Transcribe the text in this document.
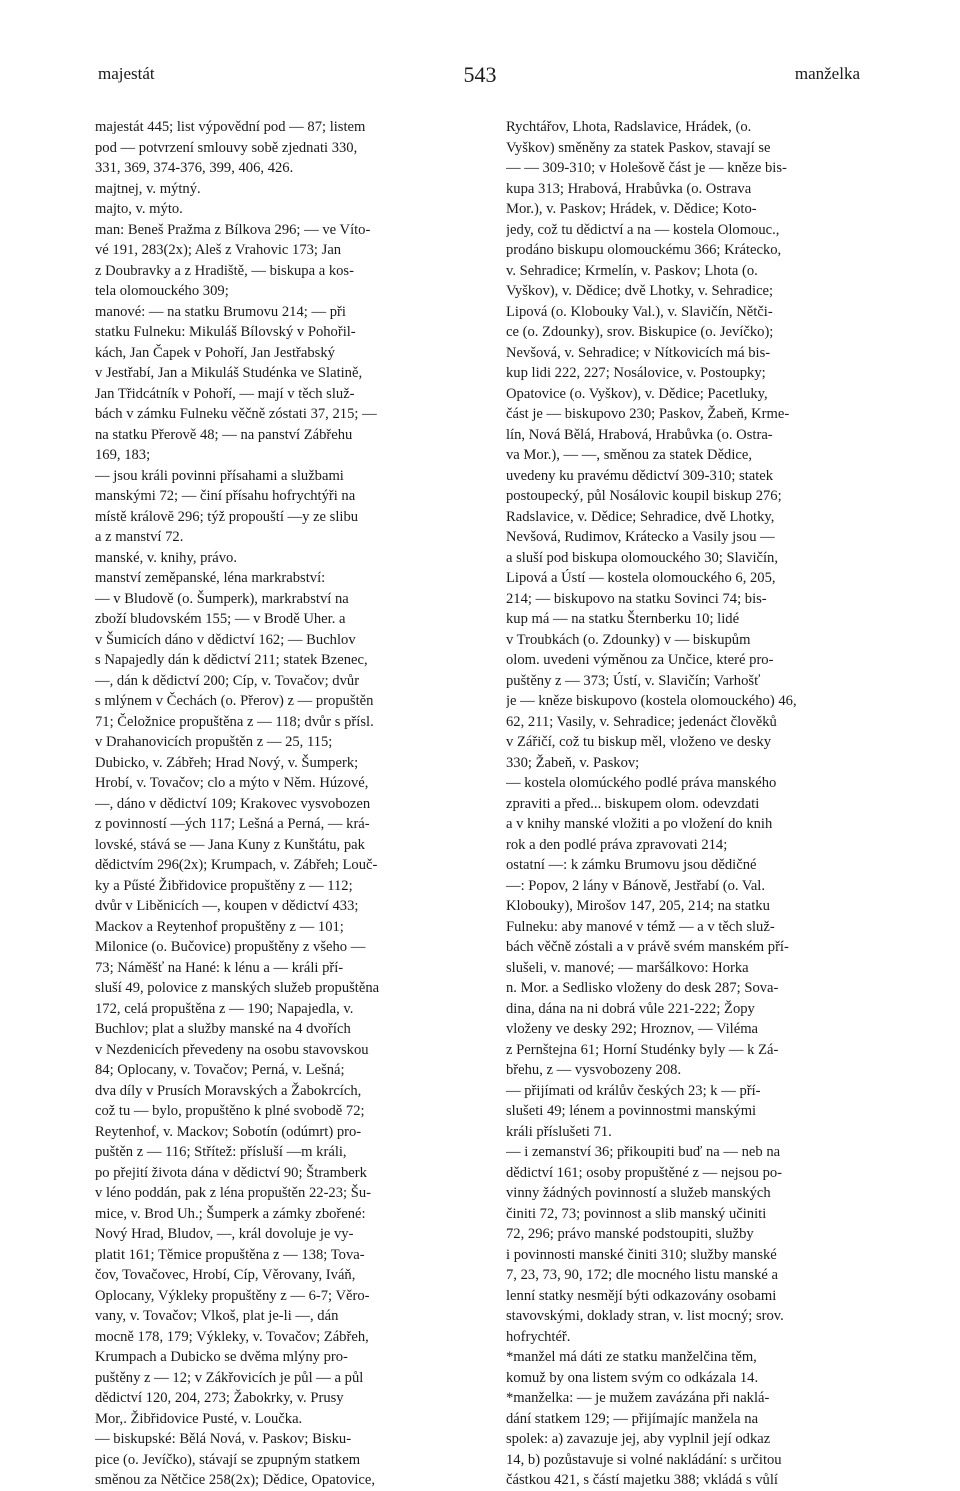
543
majestát	manželka
majestát 445; list výpovědní pod — 87; listem
pod — potvrzení smlouvy sobě zjednati 330,
331, 369, 374-376, 399, 406, 426.
majtnej, v. mýtný.
majto, v. mýto.
man: Beneš Pražma z Bílkova 296; — ve Víto-
vé 191, 283(2x); Aleš z Vrahovic 173; Jan
z Doubravky a z Hradiště, — biskupa a kos-
tela olomouckého 309;
manové: — na statku Brumovu 214; — při
statku Fulneku: Mikuláš Bílovský v Pohořil-
kách, Jan Čapek v Pohoří, Jan Jestřabský
v Jestřabí, Jan a Mikuláš Studénka ve Slatině,
Jan Třidcátník v Pohoří, — mají v těch služ-
bách v zámku Fulneku věčně zóstati 37, 215; —
na statku Přerově 48; — na panství Zábřehu
169, 183;
— jsou králi povinni přísahami a službami
manskými 72; — činí přísahu hofrychtýři na
místě královĕ 296; týž propouští —y ze slibu
a z manství 72.
manské, v. knihy, právo.
manství zeměpanské, léna markrabství:
— v Bludově (o. Šumperk), markrabství na
zboží bludovském 155; — v Brodě Uher. a
v Šumicích dáno v dědictví 162; — Buchlov
s Napajedly dán k dědictví 211; statek Bzenec,
—, dán k dědictví 200; Cíp, v. Tovačov; dvůr
s mlýnem v Čechách (o. Přerov) z — propuštěn
71; Čeložnice propuštěna z — 118; dvůr s přísl.
v Drahanovicích propuštěn z — 25, 115;
Dubicko, v. Zábřeh; Hrad Nový, v. Šumperk;
Hrobí, v. Tovačov; clo a mýto v Něm. Húzové,
—, dáno v dědictví 109; Krakovec vysvobozen
z povinností —ých 117; Lešná a Perná, — krá-
lovské, stává se — Jana Kuny z Kunštátu, pak
dědictvím 296(2x); Krumpach, v. Zábřeh; Louč-
ky a Pűsté Žibřidovice propuštěny z — 112;
dvůr v Liběnicích —, koupen v dědictví 433;
Mackov a Reytenhof propuštěny z — 101;
Milonice (o. Bučovice) propuštěny z všeho —
73; Náměšť na Hané: k lénu a — králi pří-
sluší 49, polovice z manských služeb propuštěna
172, celá propuštěna z — 190; Napajedla, v.
Buchlov; plat a služby manské na 4 dvořích
v Nezdenicích převedeny na osobu stavovskou
84; Oplocany, v. Tovačov; Perná, v. Lešná;
dva díly v Prusích Moravských a Žabokrcích,
což tu — bylo, propuštěno k plné svobodě 72;
Reytenhof, v. Mackov; Sobotín (odúmrt) pro-
puštěn z — 116; Střítež: přísluší —m králi,
po přejití života dána v dědictví 90; Štramberk
v léno poddán, pak z léna propuštěn 22-23; Šu-
mice, v. Brod Uh.; Šumperk a zámky zbořené:
Nový Hrad, Bludov, —, král dovoluje je vy-
platit 161; Těmice propuštěna z — 138; Tova-
čov, Tovačovec, Hrobí, Cíp, Věrovany, Iváň,
Oplocany, Výkleky propuštěny z — 6-7; Věro-
vany, v. Tovačov; Vlkoš, plat je-li —, dán
mocně 178, 179; Výkleky, v. Tovačov; Zábřeh,
Krumpach a Dubicko se dvěma mlýny pro-
puštěny z — 12; v Zákřovicích je půl — a půl
dědictví 120, 204, 273; Žabokrky, v. Prusy
Mor,. Žibřidovice Pusté, v. Loučka.
— biskupské: Bělá Nová, v. Paskov; Bisku-
pice (o. Jevíčko), stávají se zpupným statkem
směnou za Nětčice 258(2x); Dědice, Opatovice,
Rychtářov, Lhota, Radslavice, Hrádek, (o.
Vyškov) směněny za statek Paskov, stavají se
— — 309-310; v Holešově část je — kněze bis-
kupa 313; Hrabová, Hrabůvka (o. Ostrava
Mor.), v. Paskov; Hrádek, v. Dědice; Koto-
jedy, což tu dědictví a na — kostela Olomouc.,
prodáno biskupu olomouckému 366; Krátecko,
v. Sehradice; Krmelín, v. Paskov; Lhota (o.
Vyškov), v. Dědice; dvě Lhotky, v. Sehradice;
Lipová (o. Klobouky Val.), v. Slavičín, Nětči-
ce (o. Zdounky), srov. Biskupice (o. Jevíčko);
Nevšová, v. Sehradice; v Nítkovicích má bis-
kup lidi 222, 227; Nosálovice, v. Postoupky;
Opatovice (o. Vyškov), v. Dědice; Pacetluky,
část je — biskupovo 230; Paskov, Žabeň, Krme-
lín, Nová Bělá, Hrabová, Hrabůvka (o. Ostra-
va Mor.), — —, směnou za statek Dědice,
uvedeny ku pravému dědictví 309-310; statek
postoupecký, půl Nosálovic koupil biskup 276;
Radslavice, v. Dědice; Sehradice, dvě Lhotky,
Nevšová, Rudimov, Krátecko a Vasily jsou —
a sluší pod biskupa olomouckého 30; Slavičín,
Lipová a Ústí — kostela olomouckého 6, 205,
214; — biskupovo na statku Sovinci 74; bis-
kup má — na statku Šternberku 10; lidé
v Troubkách (o. Zdounky) v — biskupům
olom. uvedeni výměnou za Unčice, které pro-
puštěny z — 373; Ústí, v. Slavičín; Varhošť
je — kněze biskupovo (kostela olomouckého) 46,
62, 211; Vasily, v. Sehradice; jedenáct člověků
v Zářičí, což tu biskup měl, vloženo ve desky
330; Žabeň, v. Paskov;
— kostela olomúckého podlé práva manského
zpraviti a před... biskupem olom. odevzdati
a v knihy manské vložiti a po vložení do knih
rok a den podlé práva zpravovati 214;
ostatní —: k zámku Brumovu jsou dědičné
—: Popov, 2 lány v Bánově, Jestřabí (o. Val.
Klobouky), Mirošov 147, 205, 214; na statku
Fulneku: aby manové v témž — a v těch služ-
bách věčně zóstali a v právě svém manském pří-
slušeli, v. manové; — maršálkovo: Horka
n. Mor. a Sedlisko vloženy do desk 287; Sova-
dina, dána na ni dobrá vůle 221-222; Žopy
vloženy ve desky 292; Hroznov, — Viléma
z Pernštejna 61; Horní Studénky byly — k Zá-
břehu, z — vysvobozeny 208.
— přijímati od králův českých 23; k — pří-
slušeti 49; lénem a povinnostmi manskými
králi příslušeti 71.
— i zemanství 36; přikoupiti buď na — neb na
dědictví 161; osoby propuštěné z — nejsou po-
vinny žádných povinností a služeb manských
činiti 72, 73; povinnost a slib manský učiniti
72, 296; právo manské podstoupiti, služby
i povinnosti manské činiti 310; služby manské
7, 23, 73, 90, 172; dle mocného listu manské a
lenní statky nesmějí býti odkazovány osobami
stavovskými, doklady stran, v. list mocný; srov.
hofrychtéř.
*manžel má dáti ze statku manželčina těm,
komuž by ona listem svým co odkázala 14.
*manželka: — je mužem zavázána při naklá-
dání statkem 129; — přijímajíc manžela na
spolek: a) zavazuje jej, aby vyplnil její odkaz
14, b) pozůstavuje si volné nakládání: s určitou
částkou 421, s částí majetku 388; vkládá s vůlí
